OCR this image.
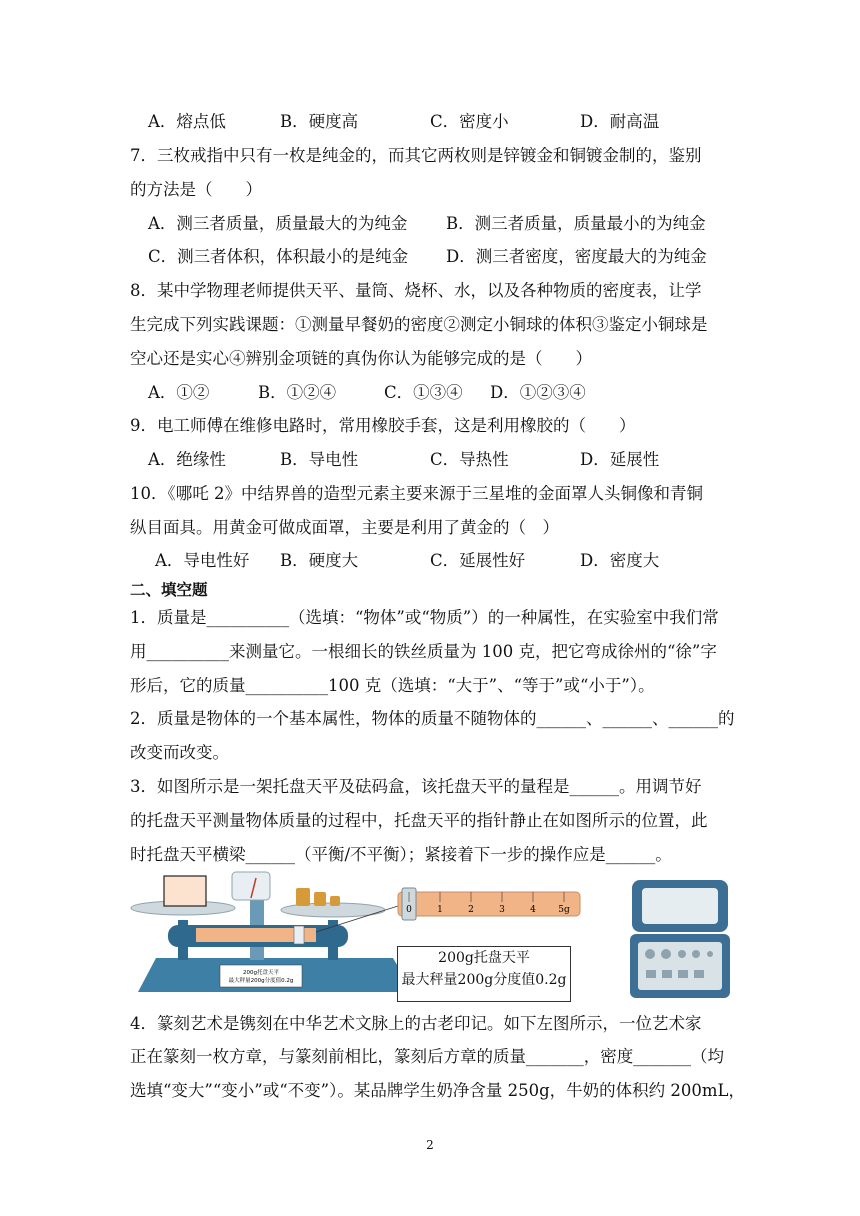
A．熔点低	B．硬度高	C．密度小	D．耐高温
7．三枚戒指中只有一枚是纯金的，而其它两枚则是锌镀金和铜镀金制的，鉴别
的方法是（　　）
A．测三者质量，质量最大的为纯金 B．测三者质量，质量最小的为纯金
C．测三者体积，体积最小的是纯金 D．测三者密度，密度最大的为纯金
8．某中学物理老师提供天平、量筒、烧杯、水，以及各种物质的密度表，让学
生完成下列实践课题：①测量早餐奶的密度②测定小铜球的体积③鉴定小铜球是
空心还是实心④辨别金项链的真伪你认为能够完成的是（　　）
A．①②	B．①②④	C．①③④ D．①②③④
9．电工师傅在维修电路时，常用橡胶手套，这是利用橡胶的（　　）
A．绝缘性	B．导电性	C．导热性	D．延展性
10．《哪吒 2》中结界兽的造型元素主要来源于三星堆的金面罩人头铜像和青铜
纵目面具。用黄金可做成面罩，主要是利用了黄金的（　）
A．导电性好 B．硬度大	C．延展性好	D．密度大
二、填空题
1．质量是__________（选填：“物体”或“物质”）的一种属性，在实验室中我们常
用__________来测量它。一根细长的铁丝质量为 100 克，把它弯成徐州的“徐”字
形后，它的质量__________100 克（选填：“大于”、“等于”或“小于”）。
2．质量是物体的一个基本属性，物体的质量不随物体的______、______、______的
改变而改变。
3．如图所示是一架托盘天平及砝码盒，该托盘天平的量程是______。用调节好
的托盘天平测量物体质量的过程中，托盘天平的指针静止在如图所示的位置，此
时托盘天平横梁______（平衡/不平衡）；紧接着下一步的操作应是______。
200g托盘天平
最大秤量200g分度值0.2g
0	1	2	3	4 5g
200g托盘天平
最大秤量200g分度值0.2g
4．篆刻艺术是镌刻在中华艺术文脉上的古老印记。如下左图所示，一位艺术家
正在篆刻一枚方章，与篆刻前相比，篆刻后方章的质量_______，密度_______（均
选填“变大”“变小”或“不变”）。某品牌学生奶净含量 250g，牛奶的体积约 200mL，
2
